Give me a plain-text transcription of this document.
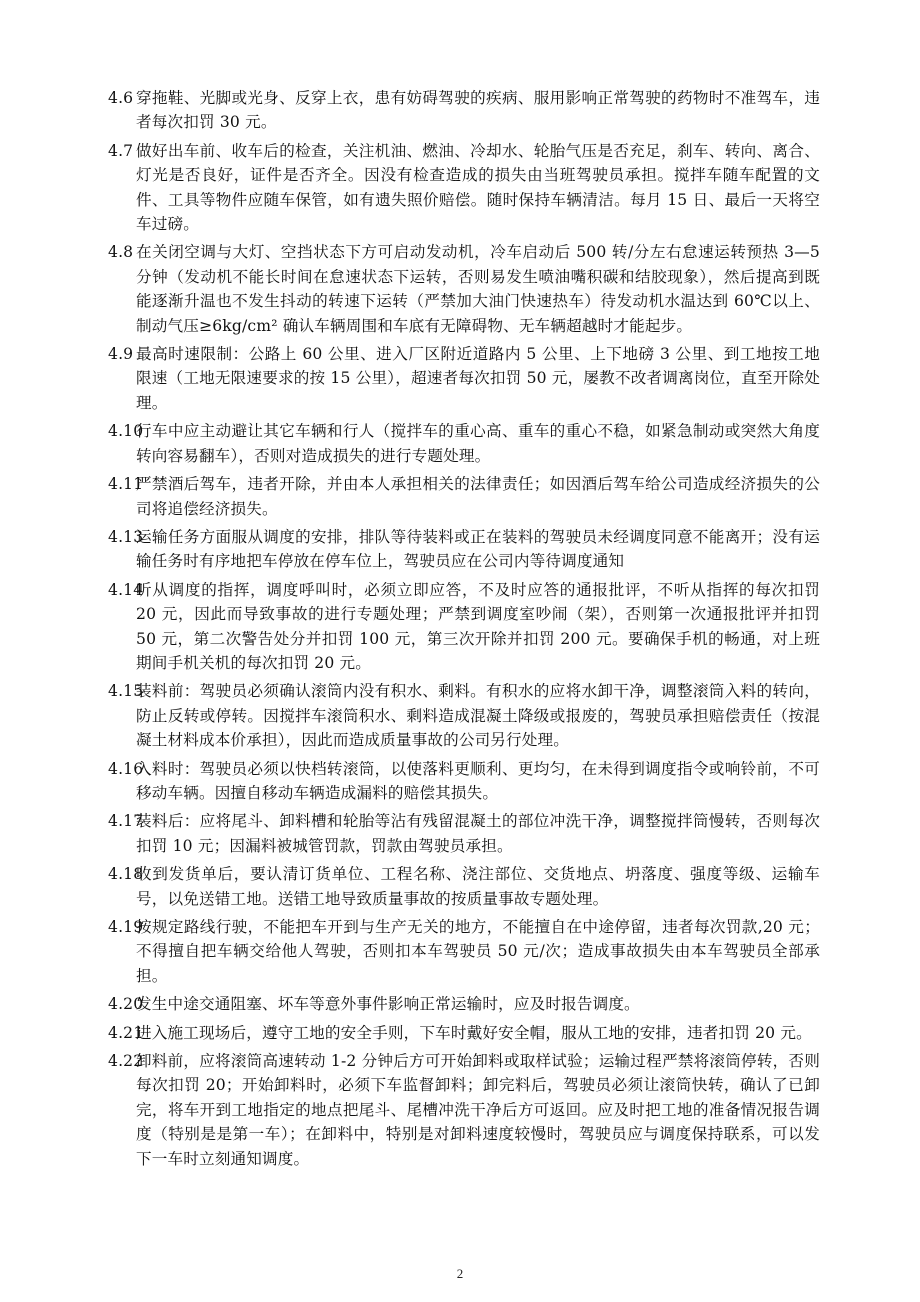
4.6 穿拖鞋、光脚或光身、反穿上衣，患有妨碍驾驶的疾病、服用影响正常驾驶的药物时不准驾车，违者每次扣罚 30 元。
4.7 做好出车前、收车后的检查，关注机油、燃油、冷却水、轮胎气压是否充足，刹车、转向、离合、灯光是否良好，证件是否齐全。因没有检查造成的损失由当班驾驶员承担。搅拌车随车配置的文件、工具等物件应随车保管，如有遗失照价赔偿。随时保持车辆清洁。每月 15 日、最后一天将空车过磅。
4.8 在关闭空调与大灯、空挡状态下方可启动发动机，冷车启动后 500 转/分左右怠速运转预热 3—5 分钟（发动机不能长时间在怠速状态下运转，否则易发生喷油嘴积碳和结胶现象），然后提高到既能逐渐升温也不发生抖动的转速下运转（严禁加大油门快速热车）待发动机水温达到 60℃以上、制动气压≥6kg/cm² 确认车辆周围和车底有无障碍物、无车辆超越时才能起步。
4.9 最高时速限制：公路上 60 公里、进入厂区附近道路内 5 公里、上下地磅 3 公里、到工地按工地限速（工地无限速要求的按 15 公里），超速者每次扣罚 50 元，屡教不改者调离岗位，直至开除处理。
4.10
行车中应主动避让其它车辆和行人（搅拌车的重心高、重车的重心不稳，如紧急制动或突然大角度转向容易翻车），否则对造成损失的进行专题处理。
4.11
严禁酒后驾车，违者开除，并由本人承担相关的法律责任；如因酒后驾车给公司造成经济损失的公司将追偿经济损失。
4.13
运输任务方面服从调度的安排，排队等待装料或正在装料的驾驶员未经调度同意不能离开；没有运输任务时有序地把车停放在停车位上，驾驶员应在公司内等待调度通知
4.14
听从调度的指挥，调度呼叫时，必须立即应答，不及时应答的通报批评，不听从指挥的每次扣罚 20 元，因此而导致事故的进行专题处理；严禁到调度室吵闹（架），否则第一次通报批评并扣罚 50 元，第二次警告处分并扣罚 100 元，第三次开除并扣罚 200 元。要确保手机的畅通，对上班期间手机关机的每次扣罚 20 元。
4.15
装料前：驾驶员必须确认滚筒内没有积水、剩料。有积水的应将水卸干净，调整滚筒入料的转向，防止反转或停转。因搅拌车滚筒积水、剩料造成混凝土降级或报废的，驾驶员承担赔偿责任（按混凝土材料成本价承担），因此而造成质量事故的公司另行处理。
4.16
入料时：驾驶员必须以快档转滚筒，以使落料更顺利、更均匀，在未得到调度指令或响铃前，不可移动车辆。因擅自移动车辆造成漏料的赔偿其损失。
4.17
装料后：应将尾斗、卸料槽和轮胎等沾有残留混凝土的部位冲洗干净，调整搅拌筒慢转，否则每次扣罚 10 元；因漏料被城管罚款，罚款由驾驶员承担。
4.18
收到发货单后，要认清订货单位、工程名称、浇注部位、交货地点、坍落度、强度等级、运输车号，以免送错工地。送错工地导致质量事故的按质量事故专题处理。
4.19
按规定路线行驶，不能把车开到与生产无关的地方，不能擅自在中途停留，违者每次罚款,20 元；不得擅自把车辆交给他人驾驶，否则扣本车驾驶员 50 元/次；造成事故损失由本车驾驶员全部承担。
4.20
发生中途交通阻塞、坏车等意外事件影响正常运输时，应及时报告调度。
4.21
进入施工现场后，遵守工地的安全手则，下车时戴好安全帽，服从工地的安排，违者扣罚 20 元。
4.22
卸料前，应将滚筒高速转动 1-2 分钟后方可开始卸料或取样试验；运输过程严禁将滚筒停转，否则每次扣罚 20；开始卸料时，必须下车监督卸料；卸完料后，驾驶员必须让滚筒快转，确认了已卸完，将车开到工地指定的地点把尾斗、尾槽冲洗干净后方可返回。应及时把工地的准备情况报告调度（特别是是第一车）；在卸料中，特别是对卸料速度较慢时，驾驶员应与调度保持联系，可以发下一车时立刻通知调度。
2
